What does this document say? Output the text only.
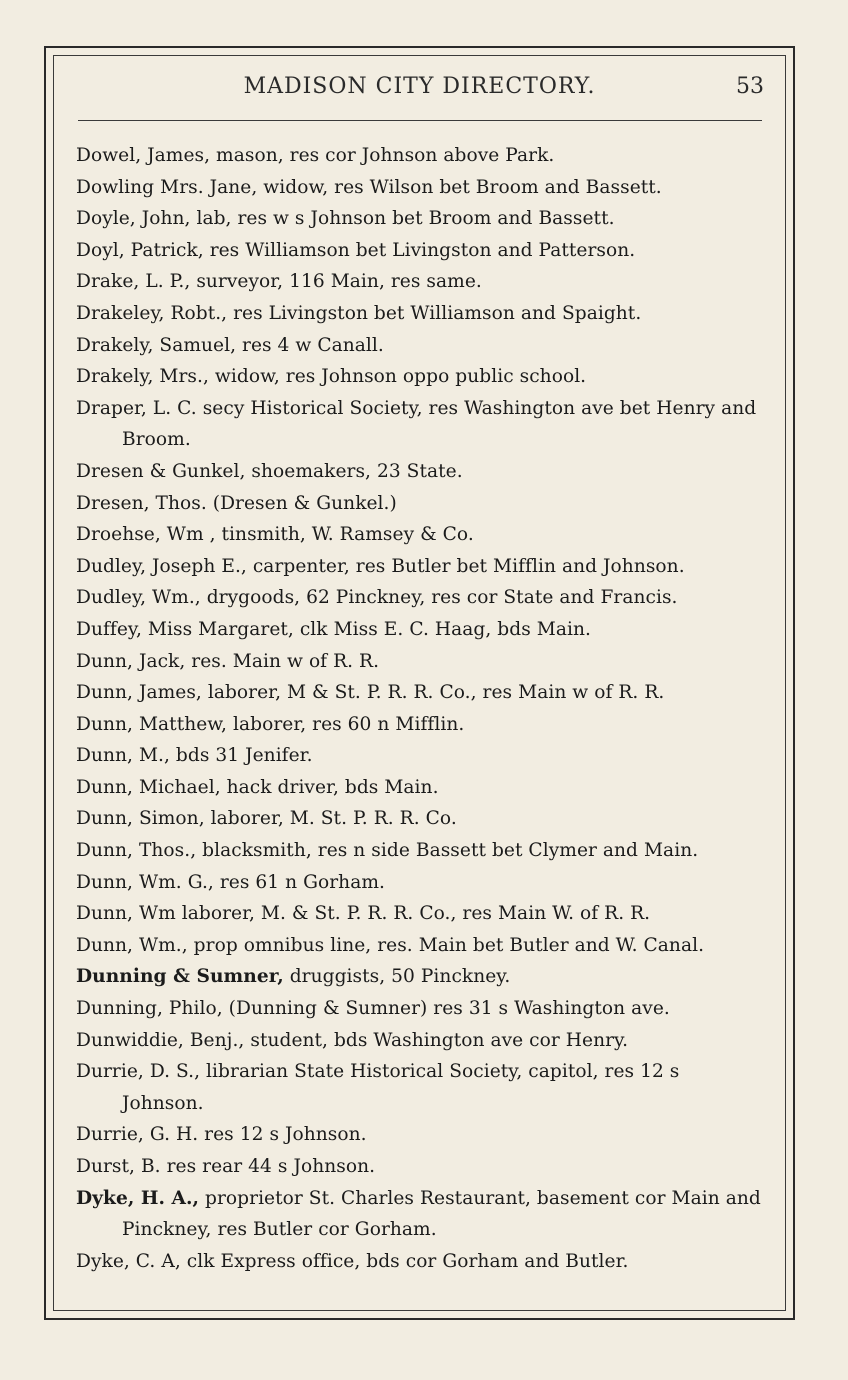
MADISON CITY DIRECTORY.	53
Dowel, James, mason, res cor Johnson above Park.
Dowling Mrs. Jane, widow, res Wilson bet Broom and Bassett.
Doyle, John, lab, res w s Johnson bet Broom and Bassett.
Doyl, Patrick, res Williamson bet Livingston and Patterson.
Drake, L. P., surveyor, 116 Main, res same.
Drakeley, Robt., res Livingston bet Williamson and Spaight.
Drakely, Samuel, res 4 w Canall.
Drakely, Mrs., widow, res Johnson oppo public school.
Draper, L. C. secy Historical Society, res Washington ave bet Henry and Broom.
Dresen & Gunkel, shoemakers, 23 State.
Dresen, Thos. (Dresen & Gunkel.)
Droehse, Wm , tinsmith, W. Ramsey & Co.
Dudley, Joseph E., carpenter, res Butler bet Mifflin and Johnson.
Dudley, Wm., drygoods, 62 Pinckney, res cor State and Francis.
Duffey, Miss Margaret, clk Miss E. C. Haag, bds Main.
Dunn, Jack, res. Main w of R. R.
Dunn, James, laborer, M & St. P. R. R. Co., res Main w of R. R.
Dunn, Matthew, laborer, res 60 n Mifflin.
Dunn, M., bds 31 Jenifer.
Dunn, Michael, hack driver, bds Main.
Dunn, Simon, laborer, M. St. P. R. R. Co.
Dunn, Thos., blacksmith, res n side Bassett bet Clymer and Main.
Dunn, Wm. G., res 61 n Gorham.
Dunn, Wm laborer, M. & St. P. R. R. Co., res Main W. of R. R.
Dunn, Wm., prop omnibus line, res. Main bet Butler and W. Canal.
Dunning & Sumner, druggists, 50 Pinckney.
Dunning, Philo, (Dunning & Sumner) res 31 s Washington ave.
Dunwiddie, Benj., student, bds Washington ave cor Henry.
Durrie, D. S., librarian State Historical Society, capitol, res 12 s Johnson.
Durrie, G. H. res 12 s Johnson.
Durst, B. res rear 44 s Johnson.
Dyke, H. A., proprietor St. Charles Restaurant, basement cor Main and Pinckney, res Butler cor Gorham.
Dyke, C. A, clk Express office, bds cor Gorham and Butler.
